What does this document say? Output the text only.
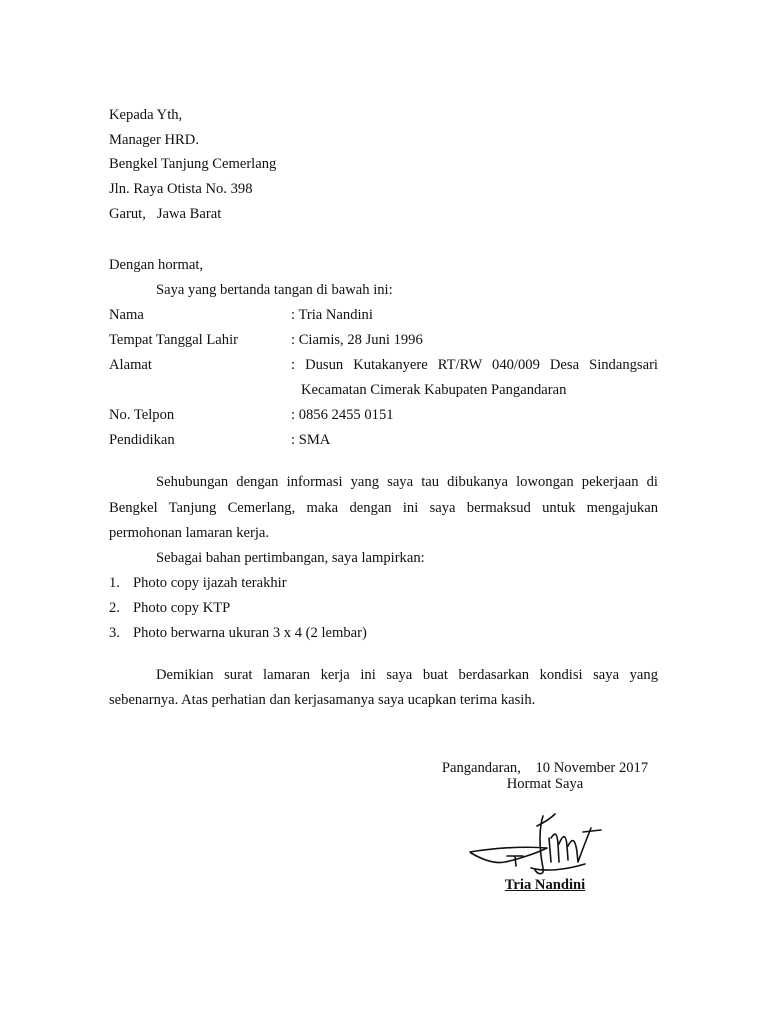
Kepada Yth,
Manager HRD.
Bengkel Tanjung Cemerlang
Jln. Raya Otista No. 398
Garut,   Jawa Barat
Dengan hormat,
Saya yang bertanda tangan di bawah ini:
Nama	: Tria Nandini
Tempat Tanggal Lahir	: Ciamis, 28 Juni 1996
Alamat	: Dusun Kutakanyere RT/RW 040/009 Desa Sindangsari
Kecamatan Cimerak Kabupaten Pangandaran
No. Telpon	: 0856 2455 0151
Pendidikan	: SMA
Sehubungan dengan informasi yang saya tau dibukanya lowongan pekerjaan di
Bengkel Tanjung Cemerlang, maka dengan ini saya bermaksud untuk mengajukan
permohonan lamaran kerja.
Sebagai bahan pertimbangan, saya lampirkan:
1. Photo copy ijazah terakhir
2. Photo copy KTP
3. Photo berwarna ukuran 3 x 4 (2 lembar)
Demikian surat lamaran kerja ini saya buat berdasarkan kondisi saya yang
sebenarnya. Atas perhatian dan kerjasamanya saya ucapkan terima kasih.
Pangandaran,    10 November 2017
Hormat Saya
Tria Nandini
